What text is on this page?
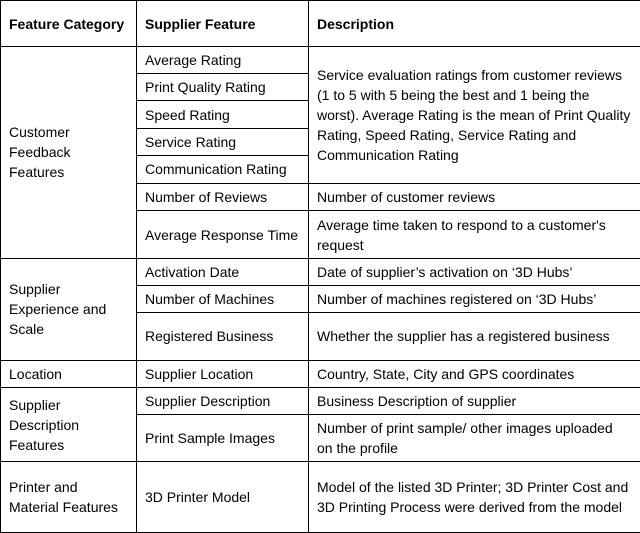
Feature Category	Supplier Feature	Description
Customer Feedback Features	Average Rating	Service evaluation ratings from customer reviews (1 to 5 with 5 being the best and 1 being the worst). Average Rating is the mean of Print Quality Rating, Speed Rating, Service Rating and Communication Rating
	Print Quality Rating	
	Speed Rating	
	Service Rating	
	Communication Rating	
	Number of Reviews	Number of customer reviews
	Average Response Time	Average time taken to respond to a customer's request
Supplier Experience and Scale	Activation Date	Date of supplier’s activation on ‘3D Hubs’
	Number of Machines	Number of machines registered on ‘3D Hubs’
	Registered Business	Whether the supplier has a registered business
Location	Supplier Location	Country, State, City and GPS coordinates
Supplier Description Features	Supplier Description	Business Description of supplier
	Print Sample Images	Number of print sample/ other images uploaded on the profile
Printer and Material Features	3D Printer Model	Model of the listed 3D Printer; 3D Printer Cost and 3D Printing Process were derived from the model
